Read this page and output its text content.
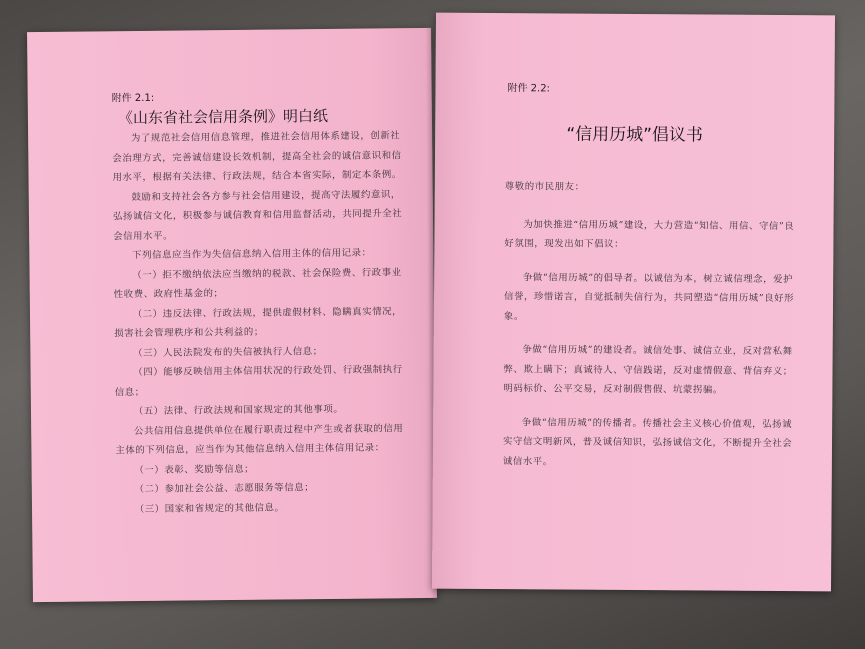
附件 2.1:
《山东省社会信用条例》明白纸

为了规范社会信用信息管理，推进社会信用体系建设，创新社会治理方式，完善诚信建设长效机制，提高全社会的诚信意识和信用水平，根据有关法律、行政法规，结合本省实际，制定本条例。

鼓励和支持社会各方参与社会信用建设，提高守法履约意识，弘扬诚信文化，积极参与诚信教育和信用监督活动，共同提升全社会信用水平。

下列信息应当作为失信信息纳入信用主体的信用记录：

（一）拒不缴纳依法应当缴纳的税款、社会保险费、行政事业性收费、政府性基金的；

（二）违反法律、行政法规，提供虚假材料、隐瞒真实情况，损害社会管理秩序和公共利益的；

（三）人民法院发布的失信被执行人信息；

（四）能够反映信用主体信用状况的行政处罚、行政强制执行信息；

（五）法律、行政法规和国家规定的其他事项。

公共信用信息提供单位在履行职责过程中产生或者获取的信用主体的下列信息，应当作为其他信息纳入信用主体信用记录：

（一）表彰、奖励等信息；

（二）参加社会公益、志愿服务等信息；

（三）国家和省规定的其他信息。

附件 2.2:
“信用历城”倡议书

尊敬的市民朋友：

为加快推进“信用历城”建设，大力营造“知信、用信、守信”良好氛围，现发出如下倡议：

争做“信用历城”的倡导者。以诚信为本，树立诚信理念，爱护信誉，珍惜诺言，自觉抵制失信行为，共同塑造“信用历城”良好形象。

争做“信用历城”的建设者。诚信处事、诚信立业，反对营私舞弊、欺上瞒下；真诚待人、守信践诺，反对虚情假意、背信弃义；明码标价、公平交易，反对制假售假、坑蒙拐骗。

争做“信用历城”的传播者。传播社会主义核心价值观，弘扬诚实守信文明新风，普及诚信知识，弘扬诚信文化，不断提升全社会诚信水平。
